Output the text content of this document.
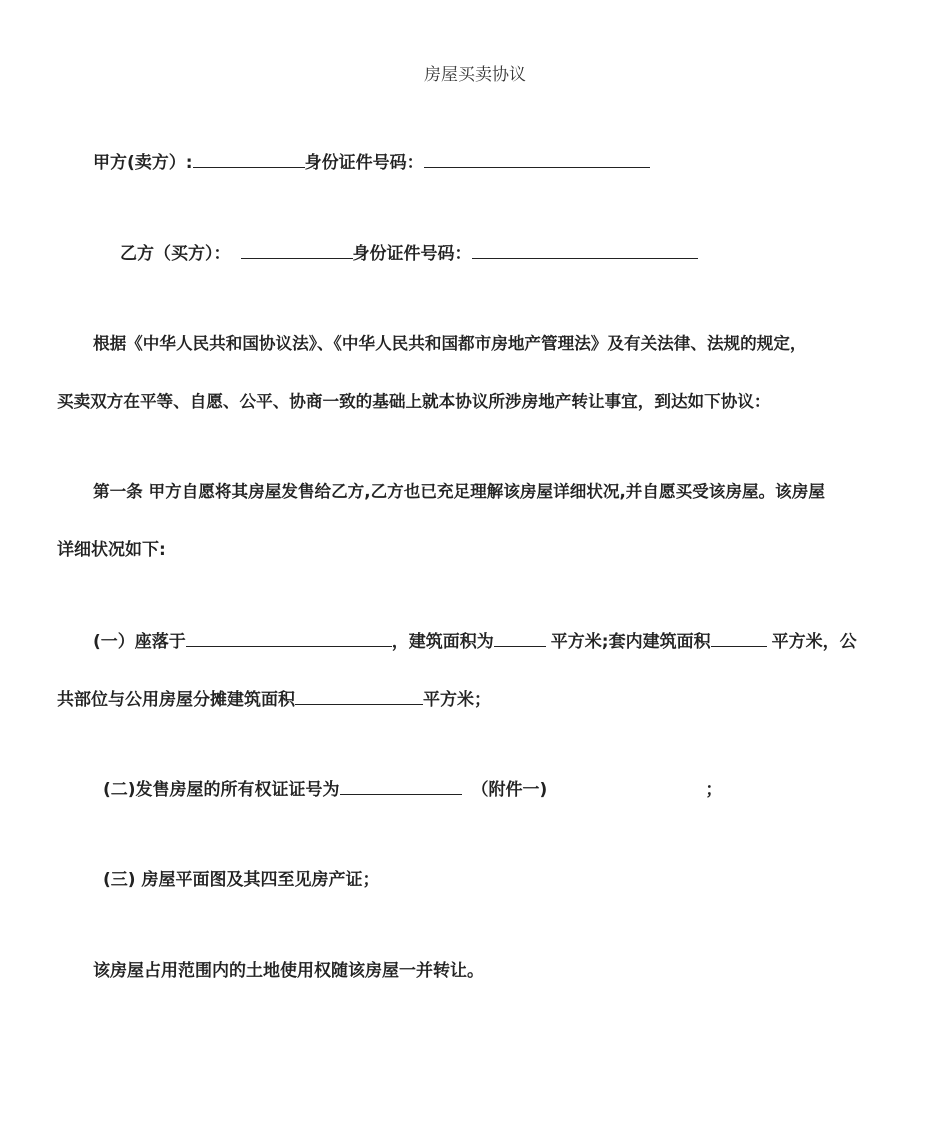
房屋买卖协议
甲方(卖方）:	身份证件号码：
乙方（买方）：	身份证件号码：
根据《中华人民共和国协议法》、《中华人民共和国都市房地产管理法》及有关法律、法规的规定，
买卖双方在平等、自愿、公平、协商一致的基础上就本协议所涉房地产转让事宜，到达如下协议：
第一条 甲方自愿将其房屋发售给乙方,乙方也已充足理解该房屋详细状况,并自愿买受该房屋。该房屋
详细状况如下:
(一）座落于	，建筑面积为	平方米;套内建筑面积	平方米，公
共部位与公用房屋分摊建筑面积	平方米；
(二)发售房屋的所有权证证号为	（附件一)	；
(三) 房屋平面图及其四至见房产证；
该房屋占用范围内的土地使用权随该房屋一并转让。
